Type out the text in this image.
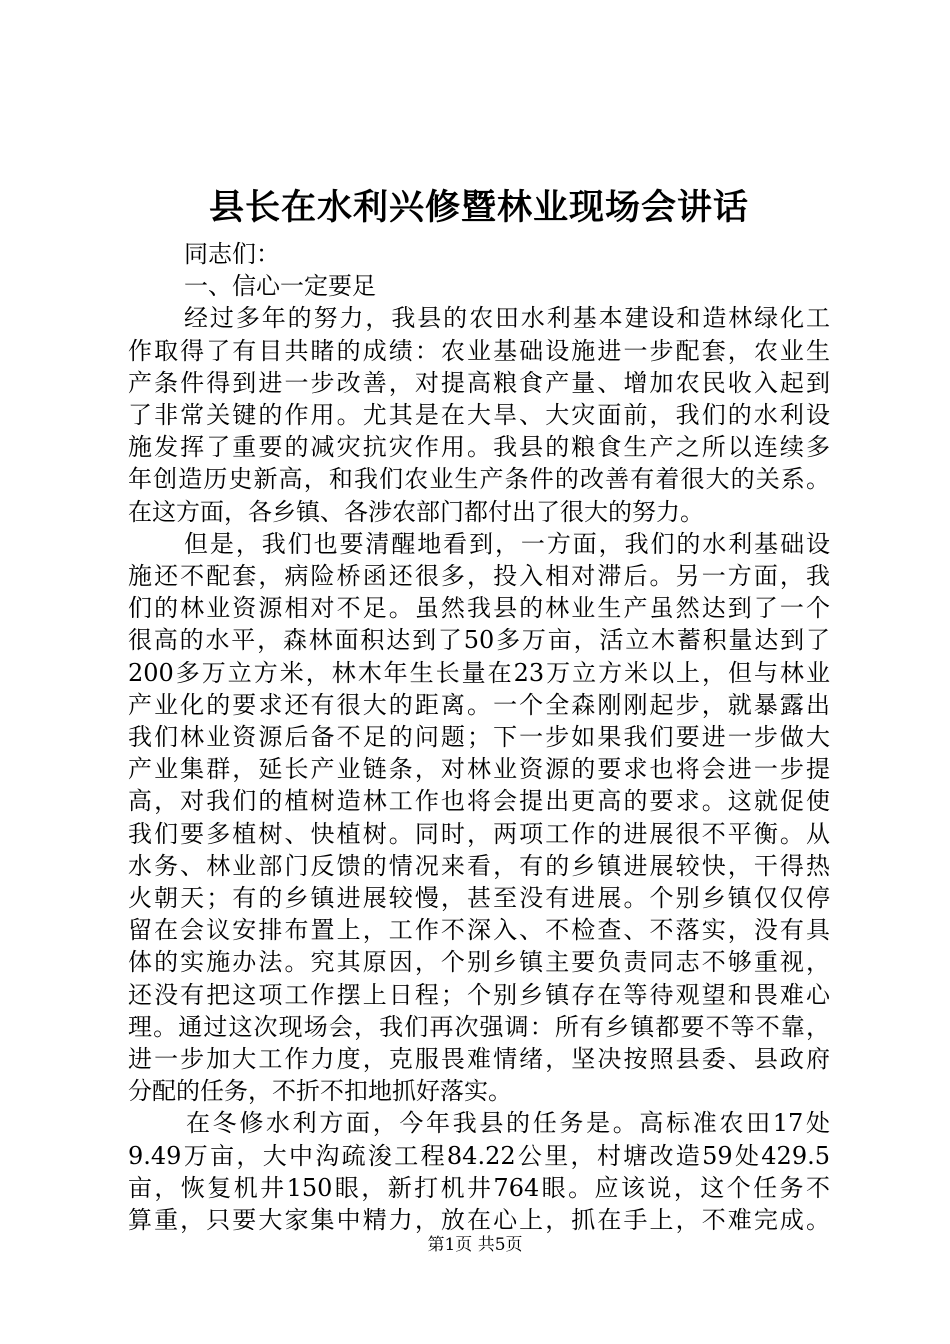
县长在水利兴修暨林业现场会讲话

同志们：

一、信心一定要足

经过多年的努力，我县的农田水利基本建设和造林绿化工

作取得了有目共睹的成绩：农业基础设施进一步配套，农业生

产条件得到进一步改善，对提高粮食产量、增加农民收入起到

了非常关键的作用。尤其是在大旱、大灾面前，我们的水利设

施发挥了重要的减灾抗灾作用。我县的粮食生产之所以连续多

年创造历史新高，和我们农业生产条件的改善有着很大的关系。

在这方面，各乡镇、各涉农部门都付出了很大的努力。

但是，我们也要清醒地看到，一方面，我们的水利基础设

施还不配套，病险桥函还很多，投入相对滞后。另一方面，我

们的林业资源相对不足。虽然我县的林业生产虽然达到了一个

很高的水平，森林面积达到了50多万亩，活立木蓄积量达到了

200多万立方米，林木年生长量在23万立方米以上，但与林业

产业化的要求还有很大的距离。一个全森刚刚起步，就暴露出

我们林业资源后备不足的问题；下一步如果我们要进一步做大

产业集群，延长产业链条，对林业资源的要求也将会进一步提

高，对我们的植树造林工作也将会提出更高的要求。这就促使

我们要多植树、快植树。同时，两项工作的进展很不平衡。从

水务、林业部门反馈的情况来看，有的乡镇进展较快，干得热

火朝天；有的乡镇进展较慢，甚至没有进展。个别乡镇仅仅停

留在会议安排布置上，工作不深入、不检查、不落实，没有具

体的实施办法。究其原因，个别乡镇主要负责同志不够重视，

还没有把这项工作摆上日程；个别乡镇存在等待观望和畏难心

理。通过这次现场会，我们再次强调：所有乡镇都要不等不靠，

进一步加大工作力度，克服畏难情绪，坚决按照县委、县政府

分配的任务，不折不扣地抓好落实。

在冬修水利方面，今年我县的任务是。高标准农田17处

9.49万亩，大中沟疏浚工程84.22公里，村塘改造59处429.5

亩，恢复机井150眼，新打机井764眼。应该说，这个任务不

算重，只要大家集中精力，放在心上，抓在手上，不难完成。

第1页 共5页
